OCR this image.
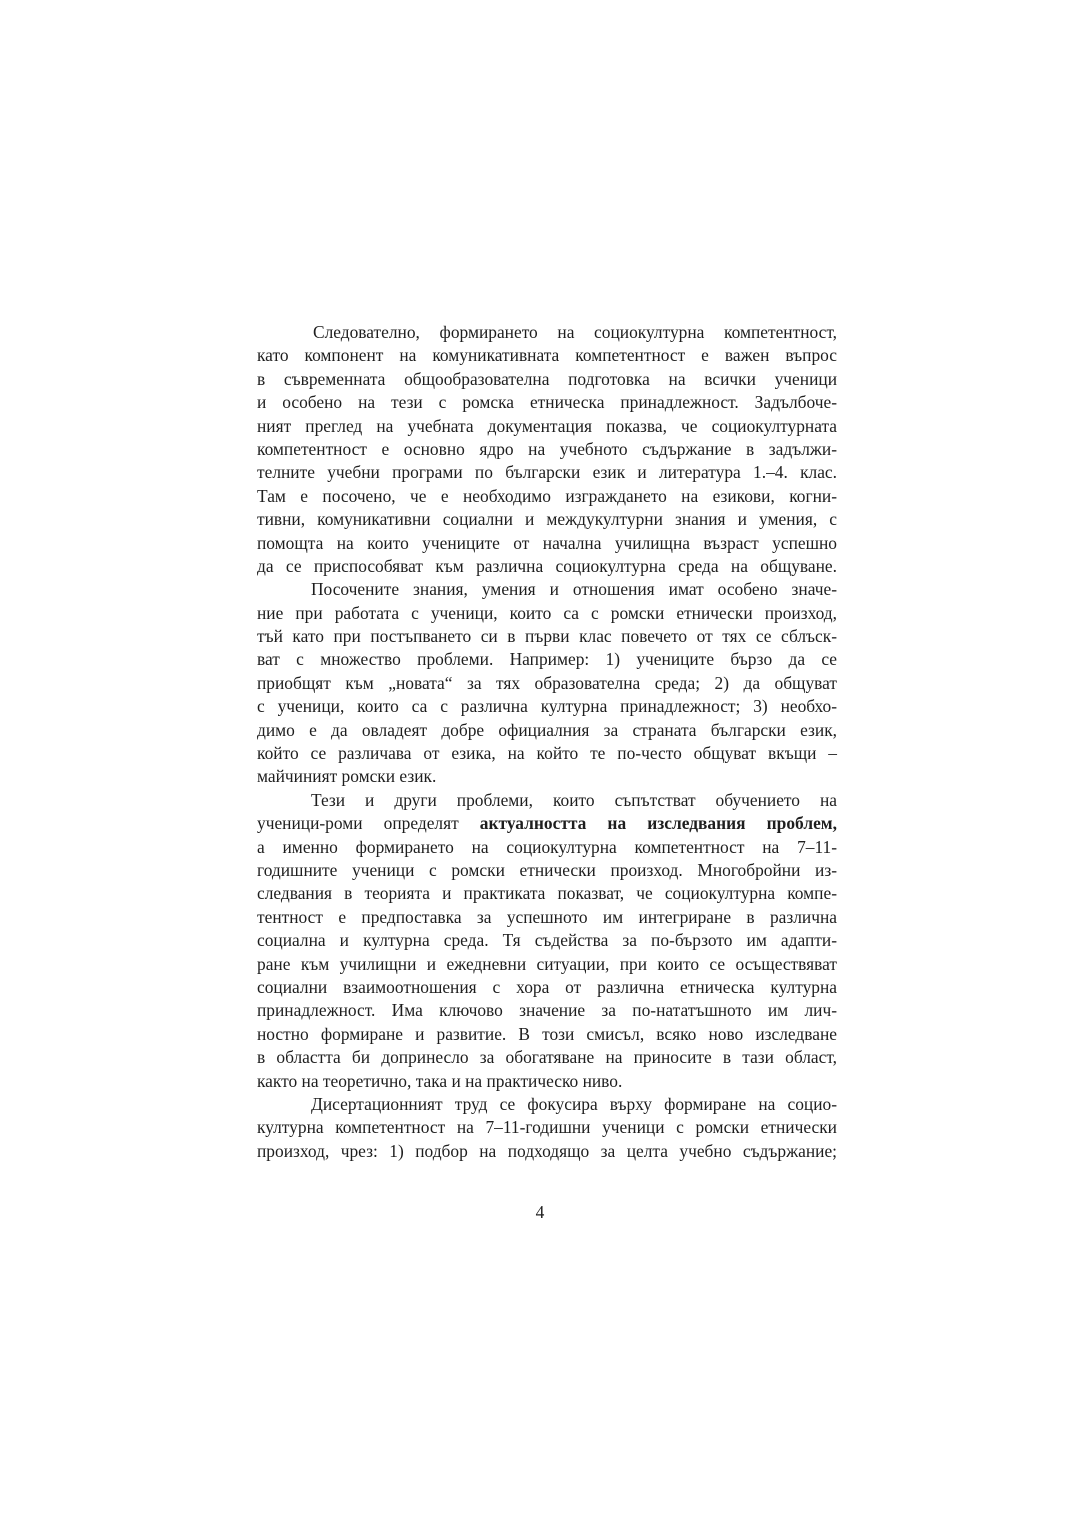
Следователно, формирането на социокултурна компетентност,
като компонент на комуникативната компетентност е важен въпрос
в съвременната общообразователна подготовка на всички ученици
и особено на тези с ромска етническа принадлежност. Задълбоче-
ният преглед на учебната документация показва, че социокултурната
компетентност е основно ядро на учебното съдържание в задължи-
телните учебни програми по български език и литература 1.–4. клас.
Там е посочено, че е необходимо изграждането на езикови, когни-
тивни, комуникативни социални и междукултурни знания и умения, с
помощта на които учениците от начална училищна възраст успешно
да се приспособяват към различна социокултурна среда на общуване.
Посочените знания, умения и отношения имат особено значе-
ние при работата с ученици, които са с ромски етнически произход,
тъй като при постъпването си в първи клас повечето от тях се сблъск-
ват с множество проблеми. Например: 1) учениците бързо да се
приобщят към „новата“ за тях образователна среда; 2) да общуват
с ученици, които са с различна културна принадлежност; 3) необхо-
димо е да овладеят добре официалния за страната български език,
който се различава от езика, на който те по-често общуват вкъщи –
майчиният ромски език.
Тези и други проблеми, които съпътстват обучението на
ученици-роми определят актуалността на изследвания проблем,
а именно формирането на социокултурна компетентност на 7–11-
годишните ученици с ромски етнически произход. Многобройни из-
следвания в теорията и практиката показват, че социокултурна компе-
тентност е предпоставка за успешното им интегриране в различна
социална и културна среда. Тя съдейства за по-бързото им адапти-
ране към училищни и ежедневни ситуации, при които се осъществяват
социални взаимоотношения с хора от различна етническа културна
принадлежност. Има ключово значение за по-нататъшното им лич-
ностно формиране и развитие. В този смисъл, всяко ново изследване
в областта би допринесло за обогатяване на приносите в тази област,
както на теоретично, така и на практическо ниво.
Дисертационният труд се фокусира върху формиране на социо-
културна компетентност на 7–11-годишни ученици с ромски етнически
произход, чрез: 1) подбор на подходящо за целта учебно съдържание;
4
